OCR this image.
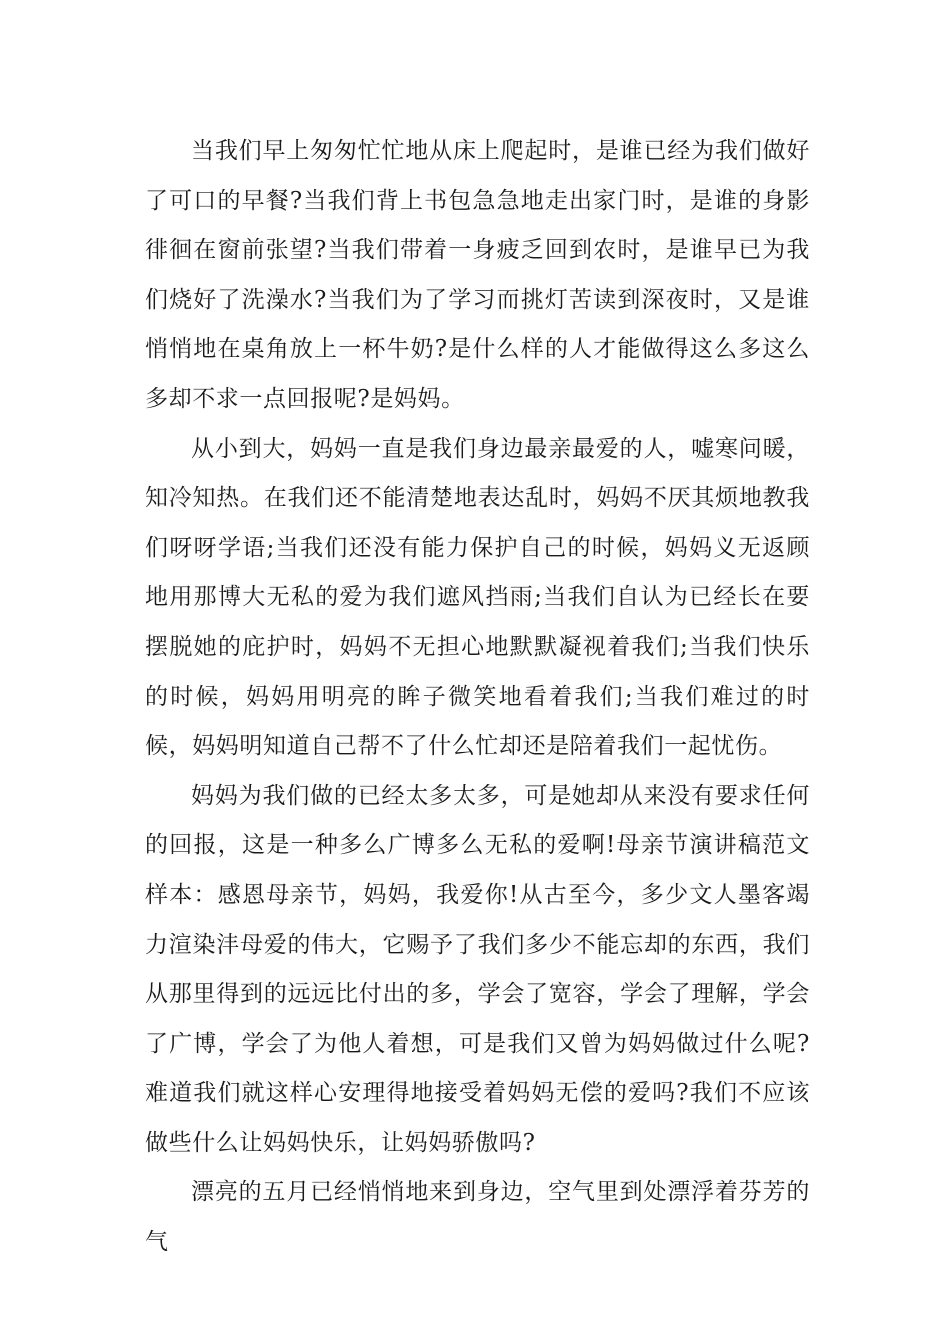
当我们早上匆匆忙忙地从床上爬起时，是谁已经为我们做好了可口的早餐?当我们背上书包急急地走出家门时，是谁的身影徘徊在窗前张望?当我们带着一身疲乏回到农时，是谁早已为我们烧好了洗澡水?当我们为了学习而挑灯苦读到深夜时，又是谁悄悄地在桌角放上一杯牛奶?是什么样的人才能做得这么多这么多却不求一点回报呢?是妈妈。

从小到大，妈妈一直是我们身边最亲最爱的人，嘘寒问暖，知冷知热。在我们还不能清楚地表达乱时，妈妈不厌其烦地教我们呀呀学语;当我们还没有能力保护自己的时候，妈妈义无返顾地用那博大无私的爱为我们遮风挡雨;当我们自认为已经长在要摆脱她的庇护时，妈妈不无担心地默默凝视着我们;当我们快乐的时候，妈妈用明亮的眸子微笑地看着我们;当我们难过的时候，妈妈明知道自己帮不了什么忙却还是陪着我们一起忧伤。

妈妈为我们做的已经太多太多，可是她却从来没有要求任何的回报，这是一种多么广博多么无私的爱啊!母亲节演讲稿范文样本：感恩母亲节，妈妈，我爱你!从古至今，多少文人墨客竭力渲染沣母爱的伟大，它赐予了我们多少不能忘却的东西，我们从那里得到的远远比付出的多，学会了宽容，学会了理解，学会了广博，学会了为他人着想，可是我们又曾为妈妈做过什么呢?难道我们就这样心安理得地接受着妈妈无偿的爱吗?我们不应该做些什么让妈妈快乐，让妈妈骄傲吗?

漂亮的五月已经悄悄地来到身边，空气里到处漂浮着芬芳的气
